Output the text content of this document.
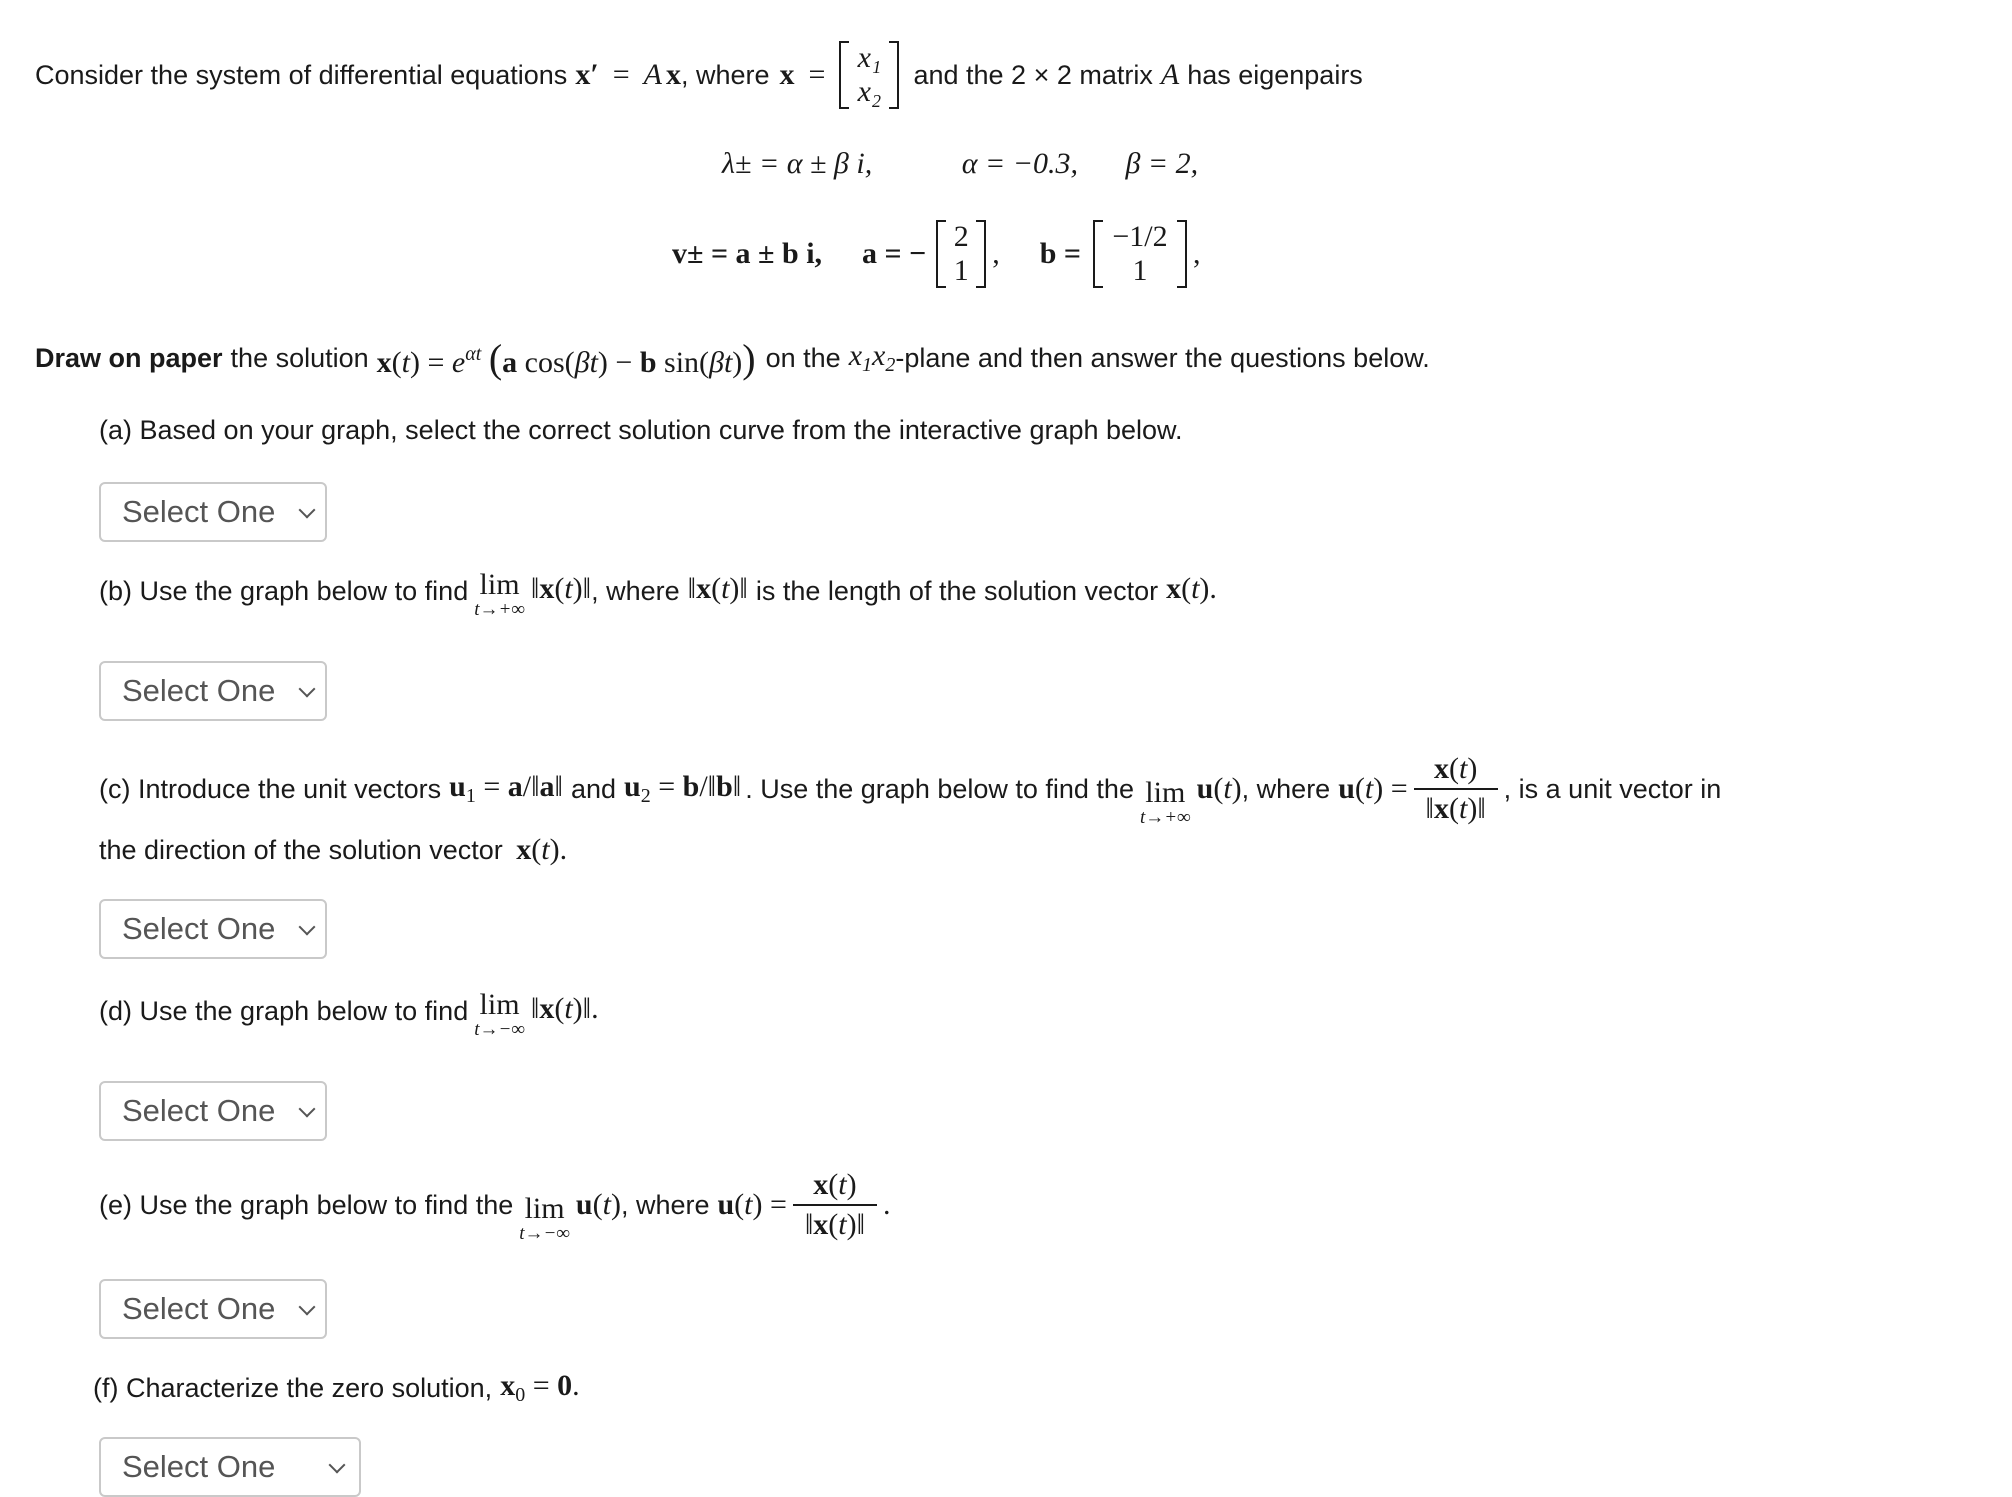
Consider the system of differential equations x′ = A x , where x =
x₁
x₂
and the 2 × 2 matrix A has eigenpairs
λ± = α ± β i,	α = −0.3, β = 2,
v± = a ± b i, a = −
2
1
, b =
−1/2
1
,
Draw on paper the solution $x(t) = e^{\alpha t}$ (a cos(βt) − b sin(βt)) on the $x_1x_2$ -plane and then answer the questions below.
(a) Based on your graph, select the correct solution curve from the interactive graph below.
Select One
(b) Use the graph below to find lim
t→+∞
‖x(t)‖ , where ‖x(t)‖ is the length of the solution vector x(t).
Select One
(c) Introduce the unit vectors $u_1$ = a/‖a‖ and $u_2$ = b/‖b‖ . Use the graph below to find the lim
t→+∞
u(t) , where $u(t) = \frac{x(t)}{‖x(t)‖}$ , is a unit vector in
the direction of the solution vector x(t).
Select One
(d) Use the graph below to find lim
t→−∞
‖x(t)‖.
Select One
(e) Use the graph below to find the lim
t→−∞
u(t) , where $u(t) = \frac{x(t)}{‖x(t)‖}$ .
Select One
(f) Characterize the zero solution, $x_0 = 0$.
Select One
